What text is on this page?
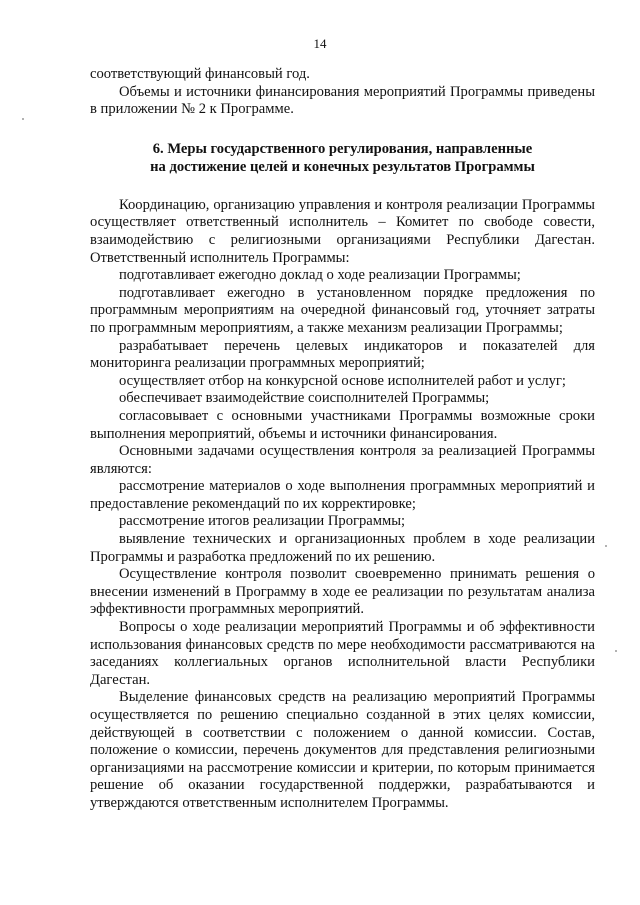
14

соответствующий финансовый год.

Объемы и источники финансирования мероприятий Программы приведены в приложении № 2 к Программе.

6. Меры государственного регулирования, направленные
на достижение целей и конечных результатов Программы

Координацию, организацию управления и контроля реализации Программы осуществляет ответственный исполнитель – Комитет по свободе совести, взаимодействию с религиозными организациями Республики Дагестан. Ответственный исполнитель Программы:

подготавливает ежегодно доклад о ходе реализации Программы;

подготавливает ежегодно в установленном порядке предложения по программным мероприятиям на очередной финансовый год, уточняет затраты по программным мероприятиям, а также механизм реализации Программы;

разрабатывает перечень целевых индикаторов и показателей для мониторинга реализации программных мероприятий;

осуществляет отбор на конкурсной основе исполнителей работ и услуг;

обеспечивает взаимодействие соисполнителей Программы;

согласовывает с основными участниками Программы возможные сроки выполнения мероприятий, объемы и источники финансирования.

Основными задачами осуществления контроля за реализацией Программы являются:

рассмотрение материалов о ходе выполнения программных мероприятий и предоставление рекомендаций по их корректировке;

рассмотрение итогов реализации Программы;

выявление технических и организационных проблем в ходе реализации Программы и разработка предложений по их решению.

Осуществление контроля позволит своевременно принимать решения о внесении изменений в Программу в ходе ее реализации по результатам анализа эффективности программных мероприятий.

Вопросы о ходе реализации мероприятий Программы и об эффективности использования финансовых средств по мере необходимости рассматриваются на заседаниях коллегиальных органов исполнительной власти Республики Дагестан.

Выделение финансовых средств на реализацию мероприятий Программы осуществляется по решению специально созданной в этих целях комиссии, действующей в соответствии с положением о данной комиссии. Состав, положение о комиссии, перечень документов для представления религиозными организациями на рассмотрение комиссии и критерии, по которым принимается решение об оказании государственной поддержки, разрабатываются и утверждаются ответственным исполнителем Программы.
